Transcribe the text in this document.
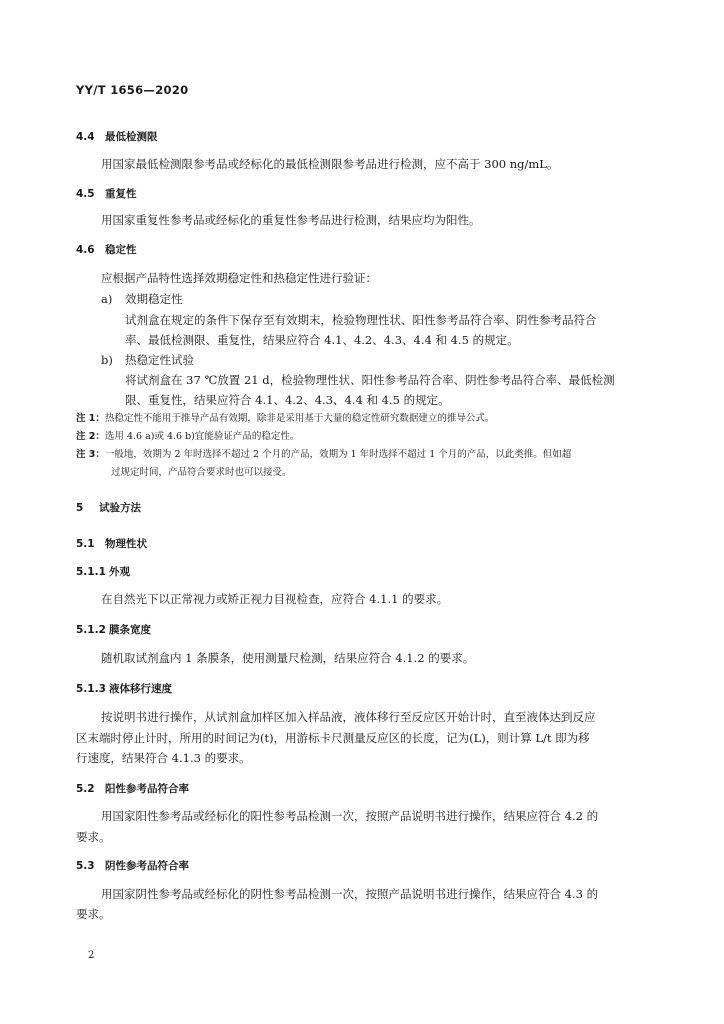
YY/T 1656—2020
4.4 最低检测限
用国家最低检测限参考品或经标化的最低检测限参考品进行检测，应不高于 300 ng/mL。
4.5 重复性
用国家重复性参考品或经标化的重复性参考品进行检测，结果应均为阳性。
4.6 稳定性
应根据产品特性选择效期稳定性和热稳定性进行验证：
a) 效期稳定性
试剂盒在规定的条件下保存至有效期末，检验物理性状、阳性参考品符合率、阴性参考品符合
率、最低检测限、重复性，结果应符合 4.1、4.2、4.3、4.4 和 4.5 的规定。
b) 热稳定性试验
将试剂盒在 37 ℃放置 21 d，检验物理性状、阳性参考品符合率、阴性参考品符合率、最低检测
限、重复性，结果应符合 4.1、4.2、4.3、4.4 和 4.5 的规定。
注 1：热稳定性不能用于推导产品有效期，除非是采用基于大量的稳定性研究数据建立的推导公式。
注 2：选用 4.6 a)或 4.6 b)宜能验证产品的稳定性。
注 3：一般地，效期为 2 年时选择不超过 2 个月的产品，效期为 1 年时选择不超过 1 个月的产品，以此类推。但如超
过规定时间，产品符合要求时也可以接受。
5 试验方法
5.1 物理性状
5.1.1 外观
在自然光下以正常视力或矫正视力目视检查，应符合 4.1.1 的要求。
5.1.2 膜条宽度
随机取试剂盒内 1 条膜条，使用测量尺检测，结果应符合 4.1.2 的要求。
5.1.3 液体移行速度
按说明书进行操作，从试剂盒加样区加入样品液，液体移行至反应区开始计时，直至液体达到反应
区末端时停止计时，所用的时间记为(t)，用游标卡尺测量反应区的长度，记为(L)，则计算 L/t 即为移
行速度，结果符合 4.1.3 的要求。
5.2 阳性参考品符合率
用国家阳性参考品或经标化的阳性参考品检测一次，按照产品说明书进行操作，结果应符合 4.2 的
要求。
5.3 阴性参考品符合率
用国家阴性参考品或经标化的阴性参考品检测一次，按照产品说明书进行操作，结果应符合 4.3 的
要求。
2
